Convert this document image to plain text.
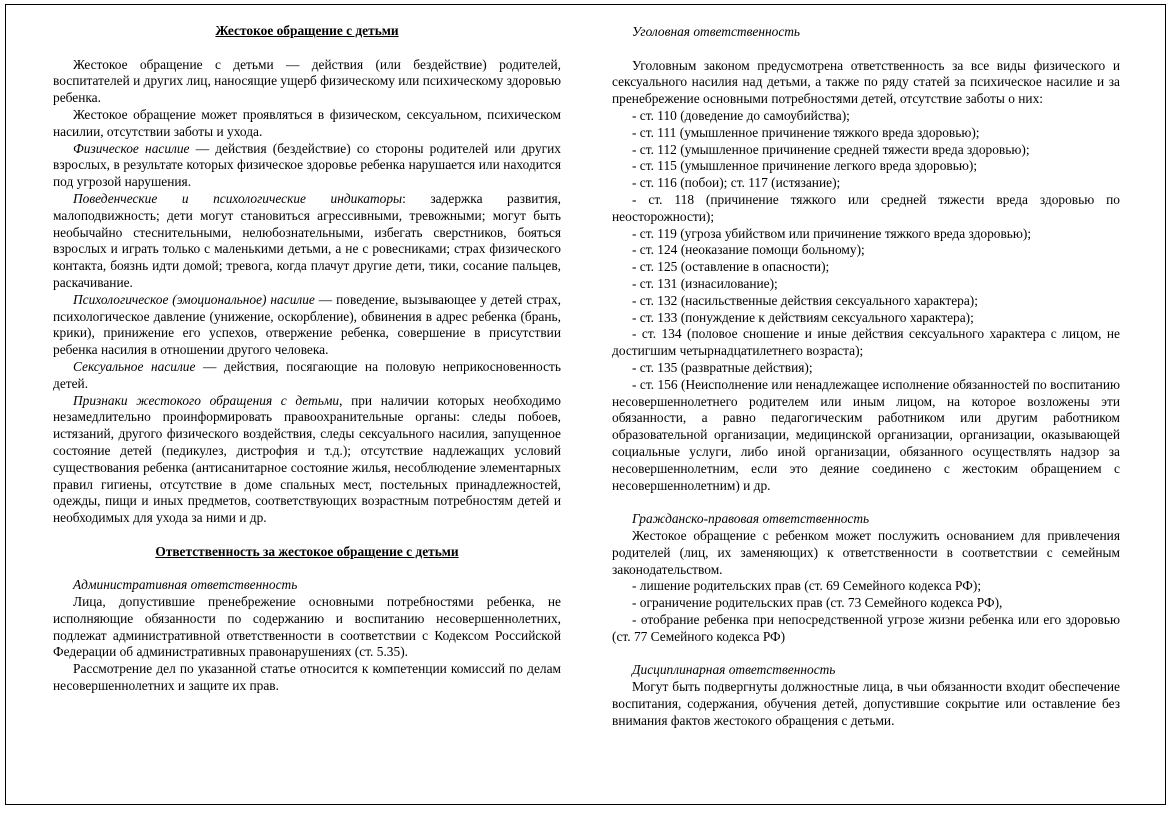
Жестокое обращение с детьми

Жестокое обращение с детьми — действия (или бездействие) родителей, воспитателей и других лиц, наносящие ущерб физическому или психическому здоровью ребенка.

Жестокое обращение может проявляться в физическом, сексуальном, психическом насилии, отсутствии заботы и ухода.

Физическое насилие — действия (бездействие) со стороны родителей или других взрослых, в результате которых физическое здоровье ребенка нарушается или находится под угрозой нарушения.

Поведенческие и психологические индикаторы: задержка развития, малоподвижность; дети могут становиться агрессивными, тревожными; могут быть необычайно стеснительными, нелюбознательными, избегать сверстников, бояться взрослых и играть только с маленькими детьми, а не с ровесниками; страх физического контакта, боязнь идти домой; тревога, когда плачут другие дети, тики, сосание пальцев, раскачивание.

Психологическое (эмоциональное) насилие — поведение, вызывающее у детей страх, психологическое давление (унижение, оскорбление), обвинения в адрес ребенка (брань, крики), принижение его успехов, отвержение ребенка, совершение в присутствии ребенка насилия в отношении другого человека.

Сексуальное насилие — действия, посягающие на половую неприкосновенность детей.

Признаки жестокого обращения с детьми, при наличии которых необходимо незамедлительно проинформировать правоохранительные органы: следы побоев, истязаний, другого физического воздействия, следы сексуального насилия, запущенное состояние детей (педикулез, дистрофия и т.д.); отсутствие надлежащих условий существования ребенка (антисанитарное состояние жилья, несоблюдение элементарных правил гигиены, отсутствие в доме спальных мест, постельных принадлежностей, одежды, пищи и иных предметов, соответствующих возрастным потребностям детей и необходимых для ухода за ними и др.

Ответственность за жестокое обращение с детьми

Административная ответственность

Лица, допустившие пренебрежение основными потребностями ребенка, не исполняющие обязанности по содержанию и воспитанию несовершеннолетних, подлежат административной ответственности в соответствии с Кодексом Российской Федерации об административных правонарушениях (ст. 5.35).

Рассмотрение дел по указанной статье относится к компетенции комиссий по делам несовершеннолетних и защите их прав.

Уголовная ответственность

Уголовным законом предусмотрена ответственность за все виды физического и сексуального насилия над детьми, а также по ряду статей за психическое насилие и за пренебрежение основными потребностями детей, отсутствие заботы о них:

- ст. 110 (доведение до самоубийства);

- ст. 111 (умышленное причинение тяжкого вреда здоровью);

- ст. 112 (умышленное причинение средней тяжести вреда здоровью);

- ст. 115 (умышленное причинение легкого вреда здоровью);

- ст. 116 (побои); ст. 117 (истязание);

- ст. 118 (причинение тяжкого или средней тяжести вреда здоровью по неосторожности);

- ст. 119 (угроза убийством или причинение тяжкого вреда здоровью);

- ст. 124 (неоказание помощи больному);

- ст. 125 (оставление в опасности);

- ст. 131 (изнасилование);

- ст. 132 (насильственные действия сексуального характера);

- ст. 133 (понуждение к действиям сексуального характера);

- ст. 134 (половое сношение и иные действия сексуального характера с лицом, не достигшим четырнадцатилетнего возраста);

- ст. 135 (развратные действия);

- ст. 156 (Неисполнение или ненадлежащее исполнение обязанностей по воспитанию несовершеннолетнего родителем или иным лицом, на которое возложены эти обязанности, а равно педагогическим работником или другим работником образовательной организации, медицинской организации, организации, оказывающей социальные услуги, либо иной организации, обязанного осуществлять надзор за несовершеннолетним, если это деяние соединено с жестоким обращением с несовершеннолетним) и др.

Гражданско-правовая ответственность

Жестокое обращение с ребенком может послужить основанием для привлечения родителей (лиц, их заменяющих) к ответственности в соответствии с семейным законодательством.

- лишение родительских прав (ст. 69 Семейного кодекса РФ);

- ограничение родительских прав (ст. 73 Семейного кодекса РФ),

- отобрание ребенка при непосредственной угрозе жизни ребенка или его здоровью (ст. 77 Семейного кодекса РФ)

Дисциплинарная ответственность

Могут быть подвергнуты должностные лица, в чьи обязанности входит обеспечение воспитания, содержания, обучения детей, допустившие сокрытие или оставление без внимания фактов жестокого обращения с детьми.
